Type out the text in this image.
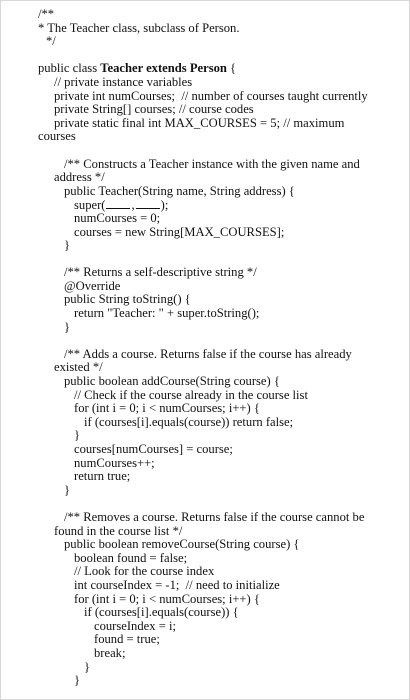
/**
* The Teacher class, subclass of Person.
*/
public class Teacher extends Person {
// private instance variables
private int numCourses;  // number of courses taught currently
private String[] courses; // course codes
private static final int MAX_COURSES = 5; // maximum
courses
/** Constructs a Teacher instance with the given name and
address */
public Teacher(String name, String address) {
super( , );
numCourses = 0;
courses = new String[MAX_COURSES];
}
/** Returns a self-descriptive string */
@Override
public String toString() {
return "Teacher: " + super.toString();
}
/** Adds a course. Returns false if the course has already
existed */
public boolean addCourse(String course) {
// Check if the course already in the course list
for (int i = 0; i < numCourses; i++) {
if (courses[i].equals(course)) return false;
}
courses[numCourses] = course;
numCourses++;
return true;
}
/** Removes a course. Returns false if the course cannot be
found in the course list */
public boolean removeCourse(String course) {
boolean found = false;
// Look for the course index
int courseIndex = -1;  // need to initialize
for (int i = 0; i < numCourses; i++) {
if (courses[i].equals(course)) {
courseIndex = i;
found = true;
break;
}
}
